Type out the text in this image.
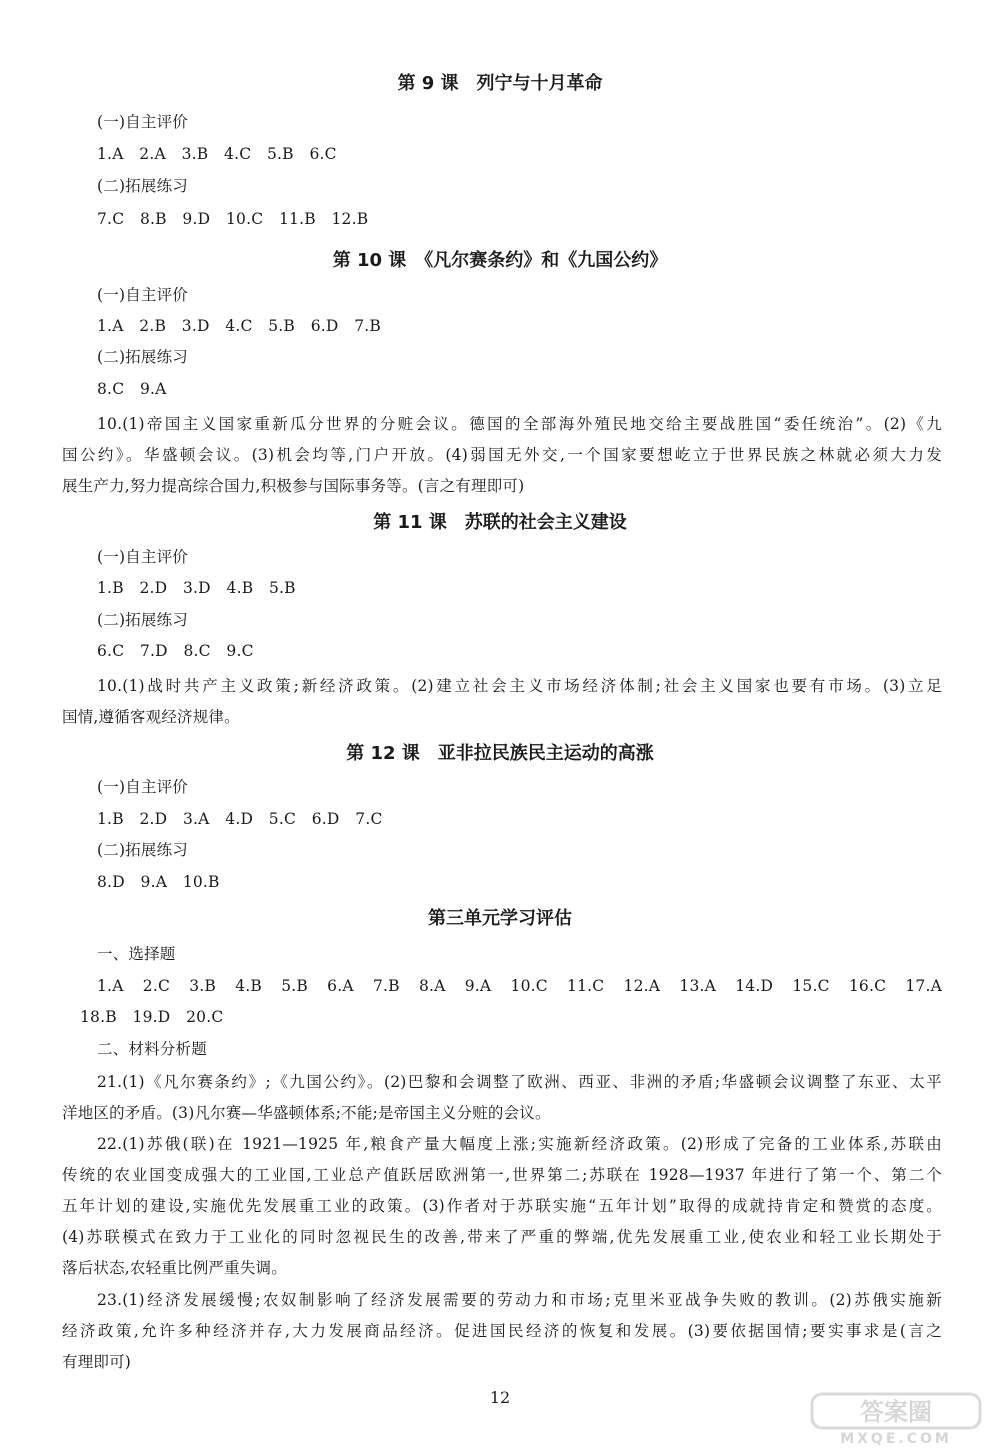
第 9 课　列宁与十月革命
(一)自主评价
1.A　2.A　3.B　4.C　5.B　6.C
(二)拓展练习
7.C　8.B　9.D　10.C　11.B　12.B
第 10 课　《凡尔赛条约》和《九国公约》
(一)自主评价
1.A　2.B　3.D　4.C　5.B　6.D　7.B
(二)拓展练习
8.C　9.A
10.(1)帝国主义国家重新瓜分世界的分赃会议。德国的全部海外殖民地交给主要战胜国“委任统治”。(2)《九
国公约》。华盛顿会议。(3)机会均等,门户开放。(4)弱国无外交,一个国家要想屹立于世界民族之林就必须大力发
展生产力,努力提高综合国力,积极参与国际事务等。(言之有理即可)
第 11 课　苏联的社会主义建设
(一)自主评价
1.B　2.D　3.D　4.B　5.B
(二)拓展练习
6.C　7.D　8.C　9.C
10.(1)战时共产主义政策;新经济政策。(2)建立社会主义市场经济体制;社会主义国家也要有市场。(3)立足
国情,遵循客观经济规律。
第 12 课　亚非拉民族民主运动的高涨
(一)自主评价
1.B　2.D　3.A　4.D　5.C　6.D　7.C
(二)拓展练习
8.D　9.A　10.B
第三单元学习评估
一、选择题
1.A　2.C　3.B　4.B　5.B　6.A　7.B　8.A　9.A　10.C　11.C　12.A　13.A　14.D　15.C　16.C　17.A
18.B　19.D　20.C
二、材料分析题
21.(1)《凡尔赛条约》;《九国公约》。(2)巴黎和会调整了欧洲、西亚、非洲的矛盾;华盛顿会议调整了东亚、太平
洋地区的矛盾。(3)凡尔赛—华盛顿体系;不能;是帝国主义分赃的会议。
22.(1)苏俄(联)在 1921—1925 年,粮食产量大幅度上涨;实施新经济政策。(2)形成了完备的工业体系,苏联由
传统的农业国变成强大的工业国,工业总产值跃居欧洲第一,世界第二;苏联在 1928—1937 年进行了第一个、第二个
五年计划的建设,实施优先发展重工业的政策。(3)作者对于苏联实施“五年计划”取得的成就持肯定和赞赏的态度。
(4)苏联模式在致力于工业化的同时忽视民生的改善,带来了严重的弊端,优先发展重工业,使农业和轻工业长期处于
落后状态,农轻重比例严重失调。
23.(1)经济发展缓慢;农奴制影响了经济发展需要的劳动力和市场;克里米亚战争失败的教训。(2)苏俄实施新
经济政策,允许多种经济并存,大力发展商品经济。促进国民经济的恢复和发展。(3)要依据国情;要实事求是(言之
有理即可)
12
答案圈
MXQE.COM
